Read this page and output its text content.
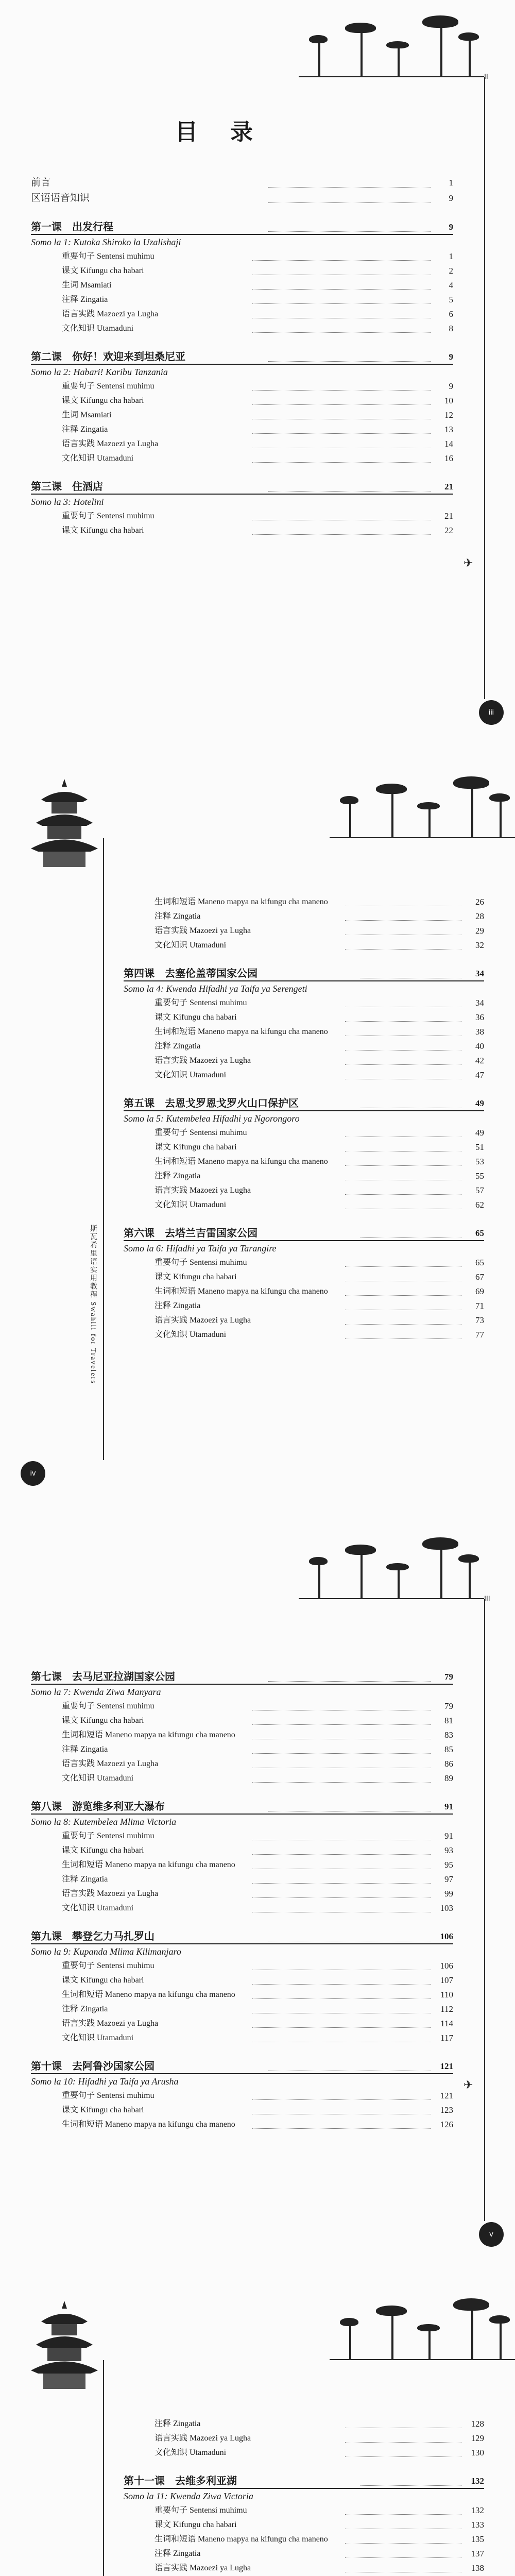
iii
✈
II
前言	1
区语语音知识	9
第一课　出发行程	9
Somo la 1: Kutoka Shiroko la Uzalishaji
重要句子 Sentensi muhimu	1
课文 Kifungu cha habari	2
生词 Msamiati	4
注释 Zingatia	5
语言实践 Mazoezi ya Lugha	6
文化知识 Utamaduni	8
第二课　你好！欢迎来到坦桑尼亚	9
Somo la 2: Habari! Karibu Tanzania
重要句子 Sentensi muhimu	9
课文 Kifungu cha habari	10
生词 Msamiati	12
注释 Zingatia	13
语言实践 Mazoezi ya Lugha	14
文化知识 Utamaduni	16
第三课　住酒店	21
Somo la 3: Hotelini
重要句子 Sentensi muhimu	21
课文 Kifungu cha habari	22
目 录
iv
斯瓦希里语实用教程 Swahili for Travelers
生词和短语 Maneno mapya na kifungu cha maneno	26
注释 Zingatia	28
语言实践 Mazoezi ya Lugha	29
文化知识 Utamaduni	32
第四课　去塞伦盖蒂国家公园	34
Somo la 4: Kwenda Hifadhi ya Taifa ya Serengeti
重要句子 Sentensi muhimu	34
课文 Kifungu cha habari	36
生词和短语 Maneno mapya na kifungu cha maneno	38
注释 Zingatia	40
语言实践 Mazoezi ya Lugha	42
文化知识 Utamaduni	47
第五课　去恩戈罗恩戈罗火山口保护区	49
Somo la 5: Kutembelea Hifadhi ya Ngorongoro
重要句子 Sentensi muhimu	49
课文 Kifungu cha habari	51
生词和短语 Maneno mapya na kifungu cha maneno	53
注释 Zingatia	55
语言实践 Mazoezi ya Lugha	57
文化知识 Utamaduni	62
第六课　去塔兰吉雷国家公园	65
Somo la 6: Hifadhi ya Taifa ya Tarangire
重要句子 Sentensi muhimu	65
课文 Kifungu cha habari	67
生词和短语 Maneno mapya na kifungu cha maneno	69
注释 Zingatia	71
语言实践 Mazoezi ya Lugha	73
文化知识 Utamaduni	77
v
✈
III
第七课　去马尼亚拉湖国家公园	79
Somo la 7: Kwenda Ziwa Manyara
重要句子 Sentensi muhimu	79
课文 Kifungu cha habari	81
生词和短语 Maneno mapya na kifungu cha maneno	83
注释 Zingatia	85
语言实践 Mazoezi ya Lugha	86
文化知识 Utamaduni	89
第八课　游览维多利亚大瀑布	91
Somo la 8: Kutembelea Mlima Victoria
重要句子 Sentensi muhimu	91
课文 Kifungu cha habari	93
生词和短语 Maneno mapya na kifungu cha maneno	95
注释 Zingatia	97
语言实践 Mazoezi ya Lugha	99
文化知识 Utamaduni	103
第九课　攀登乞力马扎罗山	106
Somo la 9: Kupanda Mlima Kilimanjaro
重要句子 Sentensi muhimu	106
课文 Kifungu cha habari	107
生词和短语 Maneno mapya na kifungu cha maneno	110
注释 Zingatia	112
语言实践 Mazoezi ya Lugha	114
文化知识 Utamaduni	117
第十课　去阿鲁沙国家公园	121
Somo la 10: Hifadhi ya Taifa ya Arusha
重要句子 Sentensi muhimu	121
课文 Kifungu cha habari	123
生词和短语 Maneno mapya na kifungu cha maneno	126
注释 Zingatia	128
语言实践 Mazoezi ya Lugha	129
文化知识 Utamaduni	130
第十一课　去维多利亚湖	132
Somo la 11: Kwenda Ziwa Victoria
重要句子 Sentensi muhimu	132
课文 Kifungu cha habari	133
生词和短语 Maneno mapya na kifungu cha maneno	135
注释 Zingatia	137
语言实践 Mazoezi ya Lugha	138
